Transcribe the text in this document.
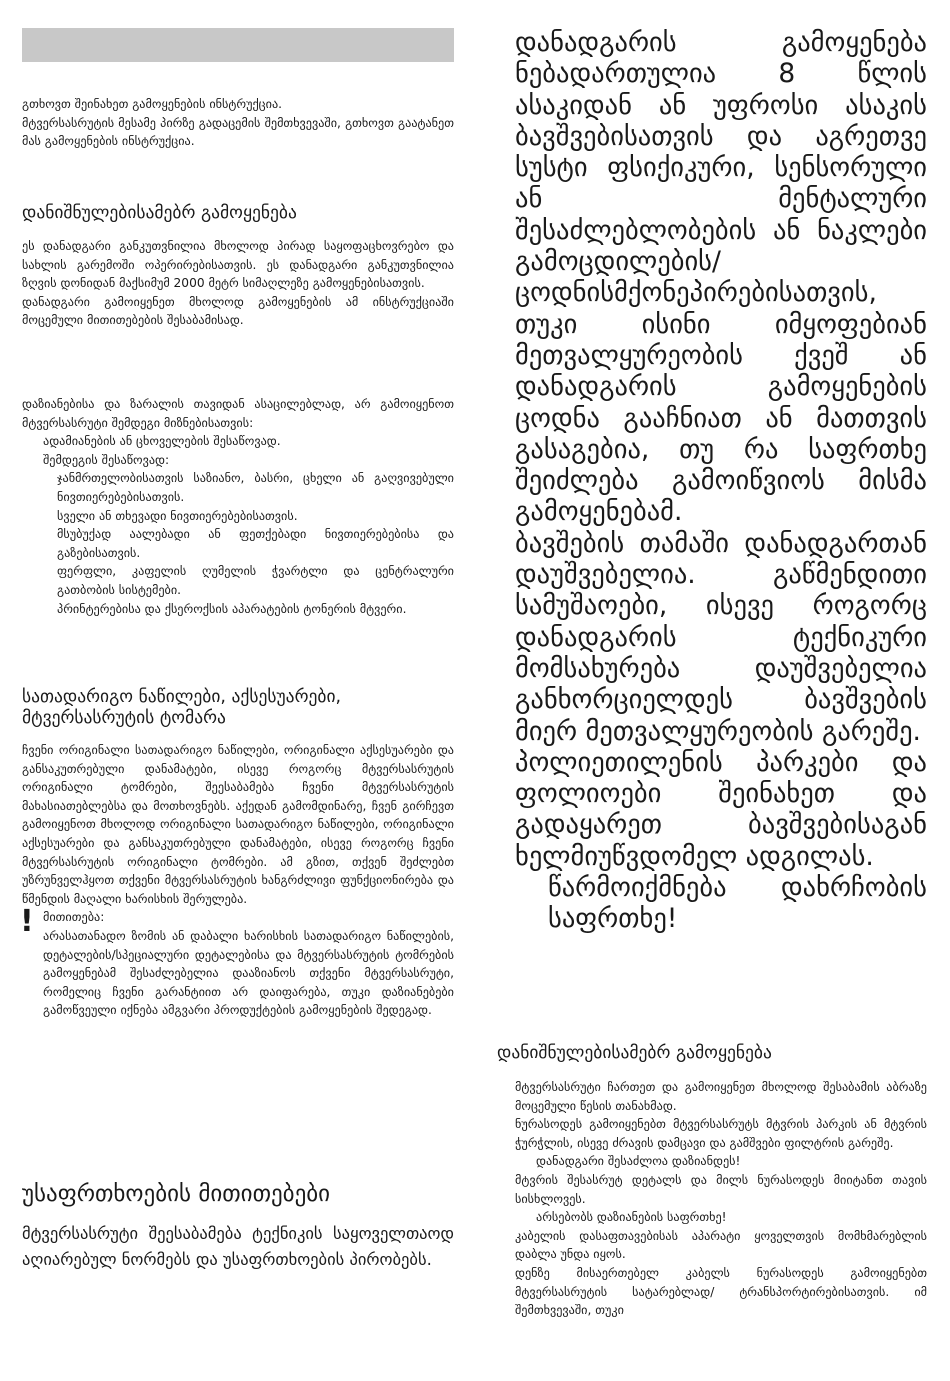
გთხოვთ შეინახეთ გამოყენების ინსტრუქცია.

მტვერსასრუტის მესამე პირზე გადაცემის შემთხვევაში, გთხოვთ გაატანეთ მას გამოყენების ინსტრუქცია.

დანიშნულებისამებრ გამოყენება

ეს დანადგარი განკუთვნილია მხოლოდ პირად საყოფაცხოვრებო და სახლის გარემოში ოპერირებისათვის. ეს დანადგარი განკუთვნილია ზღვის დონიდან მაქსიმუმ 2000 მეტრ სიმაღლეზე გამოყენებისათვის.

დანადგარი გამოიყენეთ მხოლოდ გამოყენების ამ ინსტრუქციაში მოცემული მითითებების შესაბამისად.

დაზიანებისა და ზარალის თავიდან ასაცილებლად, არ გამოიყენოთ მტვერსასრუტი შემდეგი მიზნებისათვის:

ადამიანების ან ცხოველების შესაწოვად.

შემდეგის შესაწოვად:

ჯანმრთელობისათვის საზიანო, ბასრი, ცხელი ან გაღვივებული ნივთიერებებისათვის.

სველი ან თხევადი ნივთიერებებისათვის.

მსუბუქად აალებადი ან ფეთქებადი ნივთიერებებისა და გაზებისათვის.

ფერფლი, კაფელის ღუმელის ჭვარტლი და ცენტრალური გათბობის სისტემები.

პრინტერებისა და ქსეროქსის აპარატების ტონერის მტვერი.

სათადარიგო ნაწილები, აქსესუარები, მტვერსასრუტის ტომარა

ჩვენი ორიგინალი სათადარიგო ნაწილები, ორიგინალი აქსესუარები და განსაკუთრებული დანამატები, ისევე როგორც მტვერსასრუტის ორიგინალი ტომრები, შეესაბამება ჩვენი მტვერსასრუტის მახასიათებლებსა და მოთხოვნებს. აქედან გამომდინარე, ჩვენ გირჩევთ გამოიყენოთ მხოლოდ ორიგინალი სათადარიგო ნაწილები, ორიგინალი აქსესუარები და განსაკუთრებული დანამატები, ისევე როგორც ჩვენი მტვერსასრუტის ორიგინალი ტომრები. ამ გზით, თქვენ შეძლებთ უზრუნველჰყოთ თქვენი მტვერსასრუტის ხანგრძლივი ფუნქციონირება და წმენდის მაღალი ხარისხის შერულება.

! მითითება:

არასათანადო ზომის ან დაბალი ხარისხის სათადარიგო ნაწილების, დეტალების/სპეციალური დეტალებისა და მტვერსასრუტის ტომრების გამოყენებამ შესაძლებელია დააზიანოს თქვენი მტვერსასრუტი, რომელიც ჩვენი გარანტიით არ დაიფარება, თუკი დაზიანებები გამოწვეული იქნება ამგვარი პროდუქტების გამოყენების შედეგად.

უსაფრთხოების მითითებები

მტვერსასრუტი შეესაბამება ტექნიკის საყოველთაოდ აღიარებულ ნორმებს და უსაფრთხოების პირობებს.

დანადგარის გამოყენება ნებადართულია 8 წლის ასაკიდან ან უფროსი ასაკის ბავშვებისათვის და აგრეთვე სუსტი ფსიქიკური, სენსორული ან მენტალური შესაძლებლობების ან ნაკლები გამოცდილების/ ცოდნისმქონეპირებისათვის, თუკი ისინი იმყოფებიან მეთვალყურეობის ქვეშ ან დანადგარის გამოყენების ცოდნა გააჩნიათ ან მათთვის გასაგებია, თუ რა საფრთხე შეიძლება გამოიწვიოს მისმა გამოყენებამ.

ბავშების თამაში დანადგართან დაუშვებელია. გაწმენდითი სამუშაოები, ისევე როგორც დანადგარის ტექნიკური მომსახურება დაუშვებელია განხორციელდეს ბავშვების მიერ მეთვალყურეობის გარეშე.

პოლიეთილენის პარკები და ფოლიოები შეინახეთ და გადაყარეთ ბავშვებისაგან ხელმიუწვდომელ ადგილას.

წარმოიქმნება დახრჩობის საფრთხე!

დანიშნულებისამებრ გამოყენება

მტვერსასრუტი ჩართეთ და გამოიყენეთ მხოლოდ შესაბამის აბრაზე მოცემული წესის თანახმად.

ნურასოდეს გამოიყენებთ მტვერსასრუტს მტვრის პარკის ან მტვრის ჭურჭლის, ისევე ძრავის დამცავი და გამშვები ფილტრის გარეშე.

დანადგარი შესაძლოა დაზიანდეს!

მტვრის შესასრუტ დეტალს და მილს ნურასოდეს მიიტანთ თავის სისხლოვეს.

არსებობს დაზიანების საფრთხე!

კაბელის დასაფთავებისას აპარატი ყოველთვის მომხმარებლის დაბლა უნდა იყოს.

დენზე მისაერთებელ კაბელს ნურასოდეს გამოიყენებთ მტვერსასრუტის სატარებლად/ ტრანსპორტირებისათვის. იმ შემთხვევაში, თუკი
